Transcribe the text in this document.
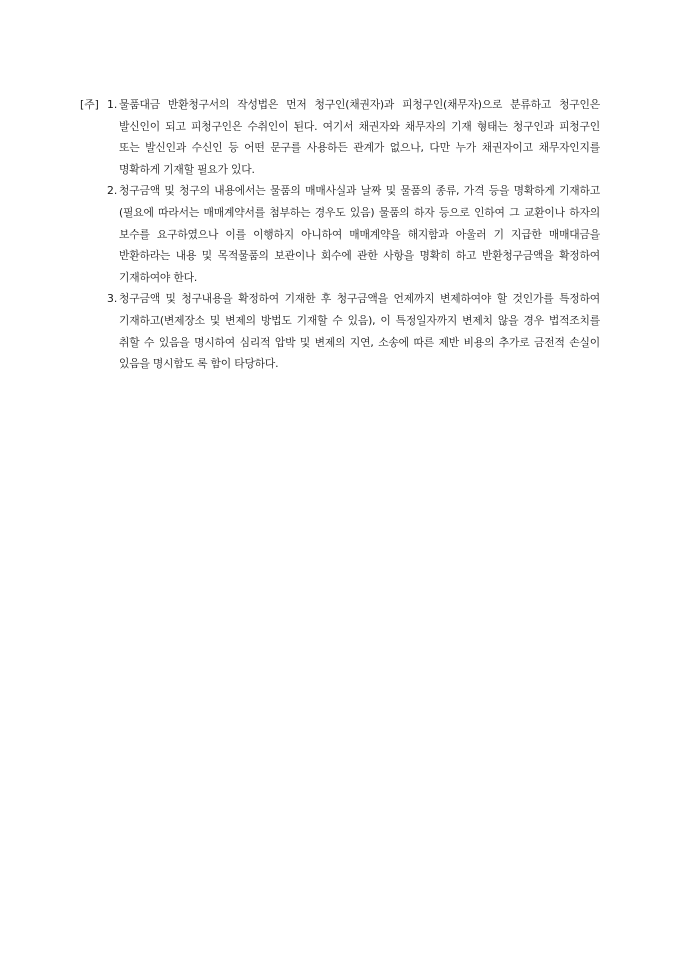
[주] 1. 물품대금 반환청구서의 작성법은 먼저 청구인(채권자)과 피청구인(채무자)으로 분류하고 청구인은 발신인이 되고 피청구인은 수취인이 된다. 여기서 채권자와 채무자의 기재 형태는 청구인과 피청구인 또는 발신인과 수신인 등 어떤 문구를 사용하든 관계가 없으나, 다만 누가 채권자이고 채무자인지를 명확하게 기재할 필요가 있다.
2. 청구금액 및 청구의 내용에서는 물품의 매매사실과 날짜 및 물품의 종류, 가격 등을 명확하게 기재하고(필요에 따라서는 매매계약서를 첨부하는 경우도 있음) 물품의 하자 등으로 인하여 그 교환이나 하자의 보수를 요구하였으나 이를 이행하지 아니하여 매매계약을 해지함과 아울러 기 지급한 매매대금을 반환하라는 내용 및 목적물품의 보관이나 회수에 관한 사항을 명확히 하고 반환청구금액을 확정하여 기재하여야 한다.
3. 청구금액 및 청구내용을 확정하여 기재한 후 청구금액을 언제까지 변제하여야 할 것인가를 특정하여 기재하고(변제장소 및 변제의 방법도 기재할 수 있음), 이 특정일자까지 변제치 않을 경우 법적조치를 취할 수 있음을 명시하여 심리적 압박 및 변제의 지연, 소송에 따른 제반 비용의 추가로 금전적 손실이 있음을 명시함도 록 함이 타당하다.
